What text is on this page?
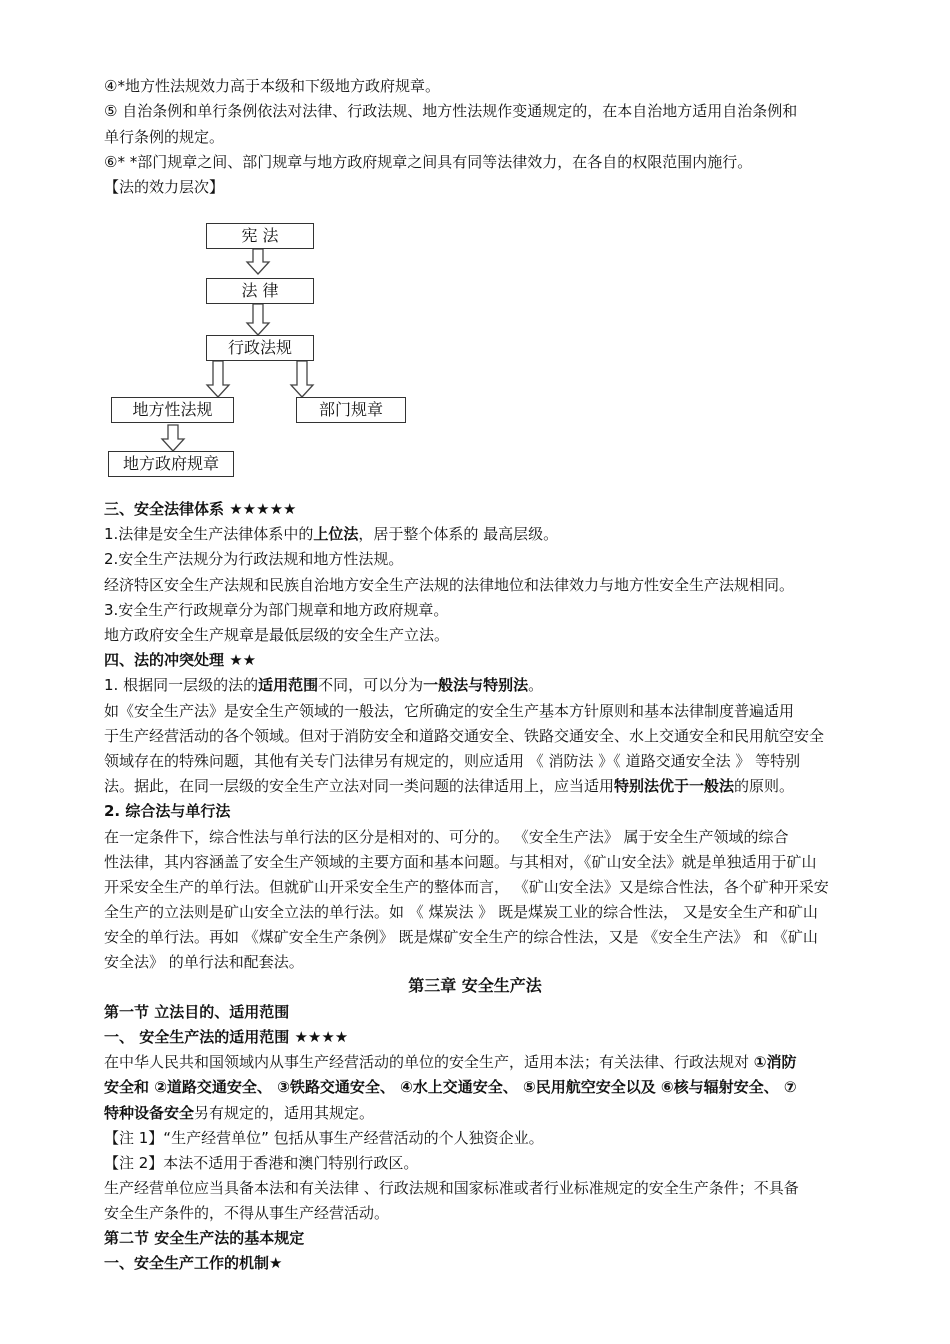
④*地方性法规效力高于本级和下级地方政府规章。
⑤ 自治条例和单行条例依法对法律、行政法规、地方性法规作变通规定的，在本自治地方适用自治条例和
单行条例的规定。
⑥* *部门规章之间、部门规章与地方政府规章之间具有同等法律效力，在各自的权限范围内施行。
【法的效力层次】
宪 法
法 律
行政法规
地方性法规	部门规章
地方政府规章
三、安全法律体系 ★★★★★
1.法律是安全生产法律体系中的上位法，居于整个体系的 最高层级。
2.安全生产法规分为行政法规和地方性法规。
经济特区安全生产法规和民族自治地方安全生产法规的法律地位和法律效力与地方性安全生产法规相同。
3.安全生产行政规章分为部门规章和地方政府规章。
地方政府安全生产规章是最低层级的安全生产立法。
四、法的冲突处理 ★★
1. 根据同一层级的法的适用范围不同，可以分为一般法与特别法。
如《安全生产法》是安全生产领域的一般法，它所确定的安全生产基本方针原则和基本法律制度普遍适用
于生产经营活动的各个领域。但对于消防安全和道路交通安全、铁路交通安全、水上交通安全和民用航空安全
领域存在的特殊问题，其他有关专门法律另有规定的，则应适用 《 消防法 》《 道路交通安全法 》 等特别
法。据此，在同一层级的安全生产立法对同一类问题的法律适用上，应当适用特别法优于一般法的原则。
2. 综合法与单行法
在一定条件下，综合性法与单行法的区分是相对的、可分的。 《安全生产法》 属于安全生产领域的综合
性法律，其内容涵盖了安全生产领域的主要方面和基本问题。与其相对，《矿山安全法》就是单独适用于矿山
开采安全生产的单行法。但就矿山开采安全生产的整体而言， 《矿山安全法》又是综合性法，各个矿种开采安
全生产的立法则是矿山安全立法的单行法。如 《 煤炭法 》 既是煤炭工业的综合性法， 又是安全生产和矿山
安全的单行法。再如 《煤矿安全生产条例》 既是煤矿安全生产的综合性法，又是 《安全生产法》 和 《矿山
安全法》 的单行法和配套法。
第三章 安全生产法
第一节 立法目的、适用范围
一、 安全生产法的适用范围 ★★★★
在中华人民共和国领域内从事生产经营活动的单位的安全生产，适用本法；有关法律、行政法规对 ①消防
安全和 ②道路交通安全、 ③铁路交通安全、 ④水上交通安全、 ⑤民用航空安全以及 ⑥核与辐射安全、 ⑦
特种设备安全另有规定的，适用其规定。
【注 1】“生产经营单位” 包括从事生产经营活动的个人独资企业。
【注 2】本法不适用于香港和澳门特别行政区。
生产经营单位应当具备本法和有关法律 、行政法规和国家标准或者行业标准规定的安全生产条件；不具备
安全生产条件的，不得从事生产经营活动。
第二节 安全生产法的基本规定
一、安全生产工作的机制★
